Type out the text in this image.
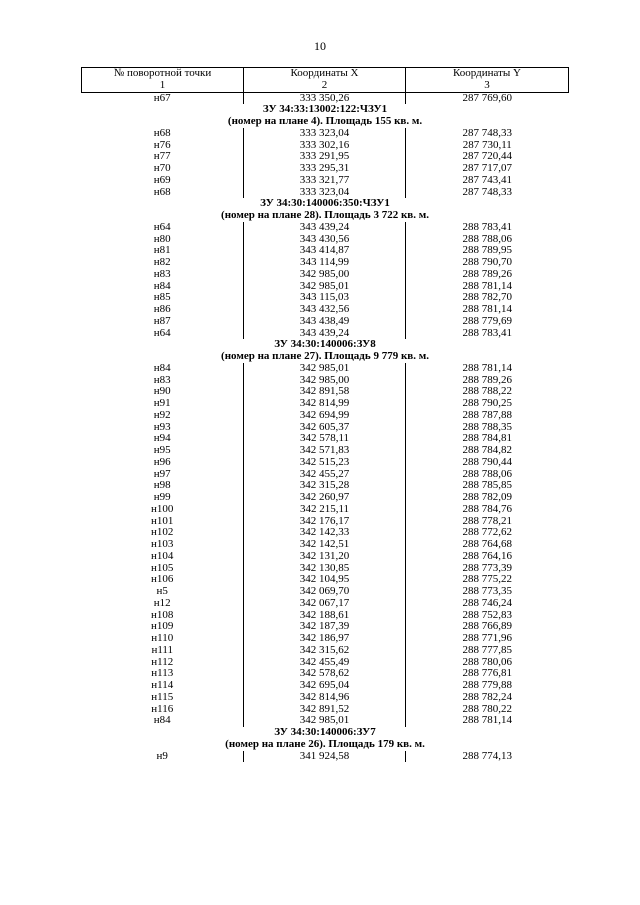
10
№ поворотной точки	Координаты X	Координаты Y
1	2	3
н67	333 350,26	287 769,60
ЗУ 34:33:13002:122:ЧЗУ1		
(номер на плане 4). Площадь 155 кв. м.		
н68	333 323,04	287 748,33
н76	333 302,16	287 730,11
н77	333 291,95	287 720,44
н70	333 295,31	287 717,07
н69	333 321,77	287 743,41
н68	333 323,04	287 748,33
ЗУ 34:30:140006:350:ЧЗУ1		
(номер на плане 28). Площадь 3 722 кв. м.		
н64	343 439,24	288 783,41
н80	343 430,56	288 788,06
н81	343 414,87	288 789,95
н82	343 114,99	288 790,70
н83	342 985,00	288 789,26
н84	342 985,01	288 781,14
н85	343 115,03	288 782,70
н86	343 432,56	288 781,14
н87	343 438,49	288 779,69
н64	343 439,24	288 783,41
ЗУ 34:30:140006:ЗУ8		
(номер на плане 27). Площадь 9 779 кв. м.		
н84	342 985,01	288 781,14
н83	342 985,00	288 789,26
н90	342 891,58	288 788,22
н91	342 814,99	288 790,25
н92	342 694,99	288 787,88
н93	342 605,37	288 788,35
н94	342 578,11	288 784,81
н95	342 571,83	288 784,82
н96	342 515,23	288 790,44
н97	342 455,27	288 788,06
н98	342 315,28	288 785,85
н99	342 260,97	288 782,09
н100	342 215,11	288 784,76
н101	342 176,17	288 778,21
н102	342 142,33	288 772,62
н103	342 142,51	288 764,68
н104	342 131,20	288 764,16
н105	342 130,85	288 773,39
н106	342 104,95	288 775,22
н5	342 069,70	288 773,35
н12	342 067,17	288 746,24
н108	342 188,61	288 752,83
н109	342 187,39	288 766,89
н110	342 186,97	288 771,96
н111	342 315,62	288 777,85
н112	342 455,49	288 780,06
н113	342 578,62	288 776,81
н114	342 695,04	288 779,88
н115	342 814,96	288 782,24
н116	342 891,52	288 780,22
н84	342 985,01	288 781,14
ЗУ 34:30:140006:ЗУ7		
(номер на плане 26). Площадь 179 кв. м.		
н9	341 924,58	288 774,13
